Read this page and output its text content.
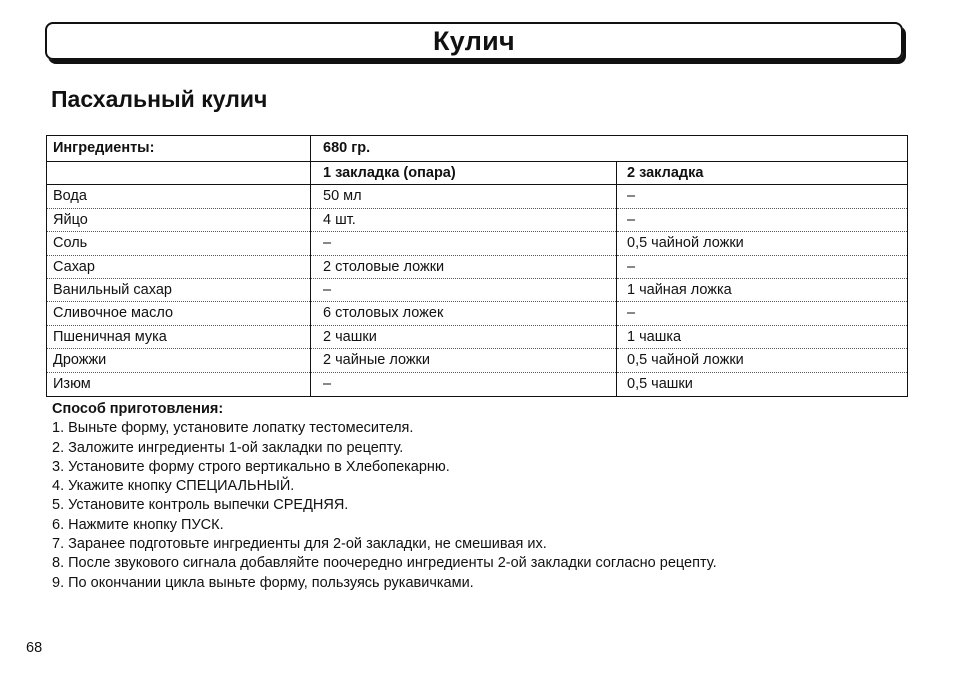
Кулич
Пасхальный кулич
Ингредиенты:	680 гр.	
	1 закладка (опара)	2 закладка
Вода	50 мл	–
Яйцо	4 шт.	–
Соль	–	0,5 чайной ложки
Сахар	2 столовые ложки	–
Ванильный сахар	–	1 чайная ложка
Сливочное масло	6 столовых ложек	–
Пшеничная мука	2 чашки	1 чашка
Дрожжи	2 чайные ложки	0,5 чайной ложки
Изюм	–	0,5 чашки
Способ приготовления:
1. Выньте форму, установите лопатку тестомесителя.
2. Заложите ингредиенты 1-ой закладки по рецепту.
3. Установите форму строго вертикально в Хлебопекарню.
4. Укажите кнопку СПЕЦИАЛЬНЫЙ.
5. Установите контроль выпечки СРЕДНЯЯ.
6. Нажмите кнопку ПУСК.
7. Заранее подготовьте ингредиенты для 2-ой закладки, не смешивая их.
8. После звукового сигнала добавляйте поочередно ингредиенты 2-ой закладки согласно рецепту.
9. По окончании цикла выньте форму, пользуясь рукавичками.
68
